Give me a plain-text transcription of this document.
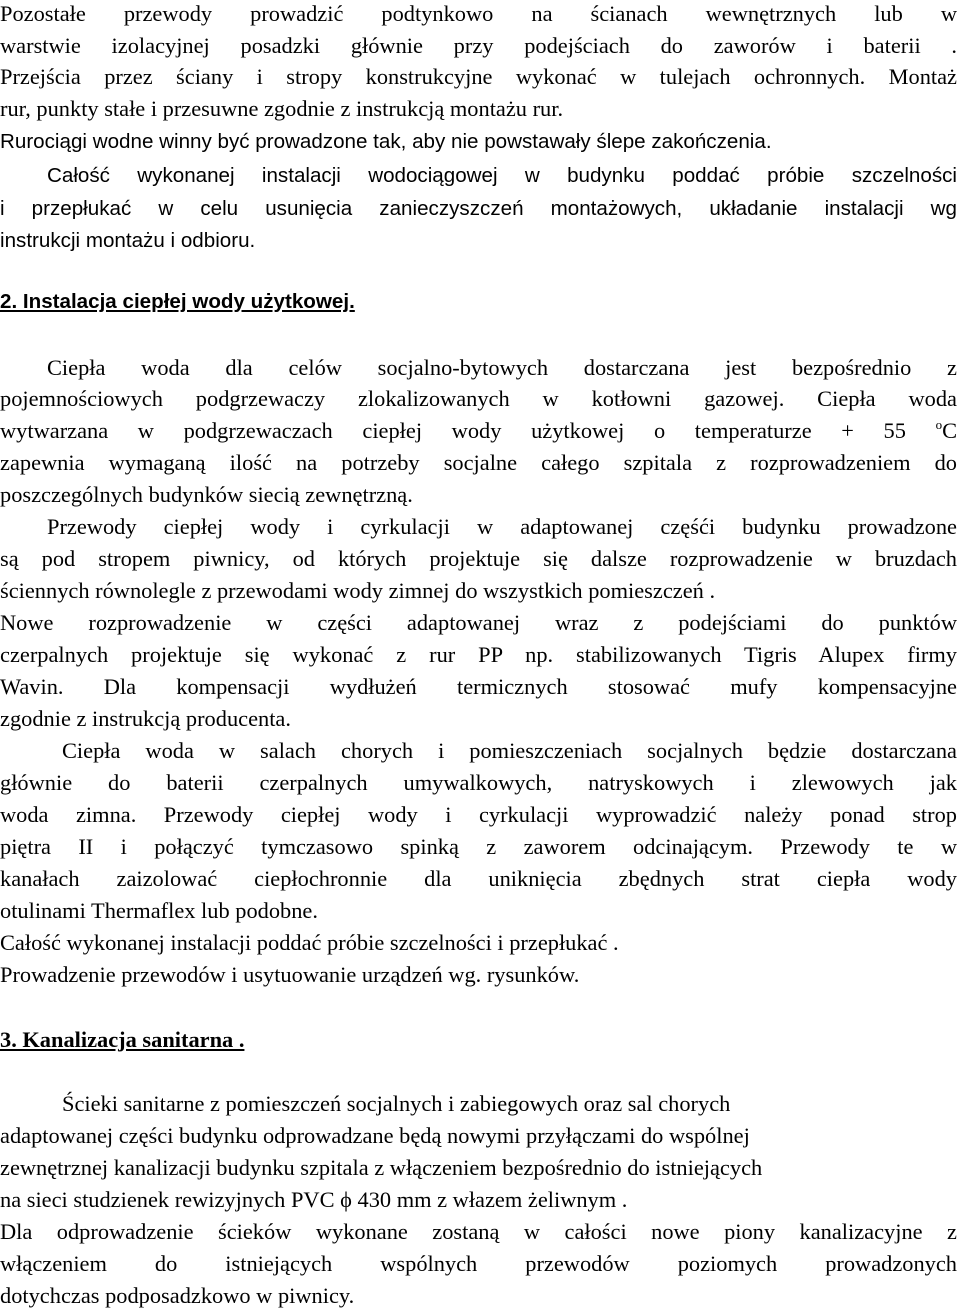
Pozostałe przewody prowadzić podtynkowo na ścianach wewnętrznych lub w
warstwie izolacyjnej posadzki głównie przy podejściach do zaworów i baterii .
Przejścia przez ściany i stropy konstrukcyjne wykonać w tulejach ochronnych. Montaż
rur, punkty stałe i przesuwne zgodnie z instrukcją montażu rur.
Rurociągi wodne winny być prowadzone tak, aby nie powstawały ślepe zakończenia.
Całość wykonanej instalacji wodociągowej w budynku poddać próbie szczelności
i przepłukać w celu usunięcia zanieczyszczeń montażowych, układanie instalacji wg
instrukcji montażu i odbioru.
2. Instalacja ciepłej wody użytkowej.
Ciepła woda dla celów socjalno-bytowych dostarczana jest bezpośrednio z
pojemnościowych podgrzewaczy zlokalizowanych w kotłowni gazowej. Ciepła woda
wytwarzana w podgrzewaczach ciepłej wody użytkowej o temperaturze + 55 $^o$C
zapewnia wymaganą ilość na potrzeby socjalne całego szpitala z rozprowadzeniem do
poszczególnych budynków siecią zewnętrzną.
Przewody ciepłej wody i cyrkulacji w adaptowanej częśći budynku prowadzone
są pod stropem piwnicy, od których projektuje się dalsze rozprowadzenie w bruzdach
ściennych równolegle z przewodami wody zimnej do wszystkich pomieszczeń .
Nowe rozprowadzenie w części adaptowanej wraz z podejściami do punktów
czerpalnych projektuje się wykonać z rur PP np. stabilizowanych Tigris Alupex firmy
Wavin. Dla kompensacji wydłużeń termicznych stosować mufy kompensacyjne
zgodnie z instrukcją producenta.
Ciepła woda w salach chorych i pomieszczeniach socjalnych będzie dostarczana
głównie do baterii czerpalnych umywalkowych, natryskowych i zlewowych jak
woda zimna. Przewody ciepłej wody i cyrkulacji wyprowadzić należy ponad strop
piętra II i połączyć tymczasowo spinką z zaworem odcinającym. Przewody te w
kanałach zaizolować ciepłochronnie dla uniknięcia zbędnych strat ciepła wody
otulinami Thermaflex lub podobne.
Całość wykonanej instalacji poddać próbie szczelności i przepłukać .
Prowadzenie przewodów i usytuowanie urządzeń wg. rysunków.
3. Kanalizacja sanitarna .
Ścieki sanitarne z pomieszczeń socjalnych i zabiegowych oraz sal chorych
adaptowanej części budynku odprowadzane będą nowymi przyłączami do wspólnej
zewnętrznej kanalizacji budynku szpitala z włączeniem bezpośrednio do istniejących
na sieci studzienek rewizyjnych PVC ϕ 430 mm z włazem żeliwnym .
Dla odprowadzenie ścieków wykonane zostaną w całości nowe piony kanalizacyjne z
włączeniem do istniejących wspólnych przewodów poziomych prowadzonych
dotychczas podposadzkowo w piwnicy.
